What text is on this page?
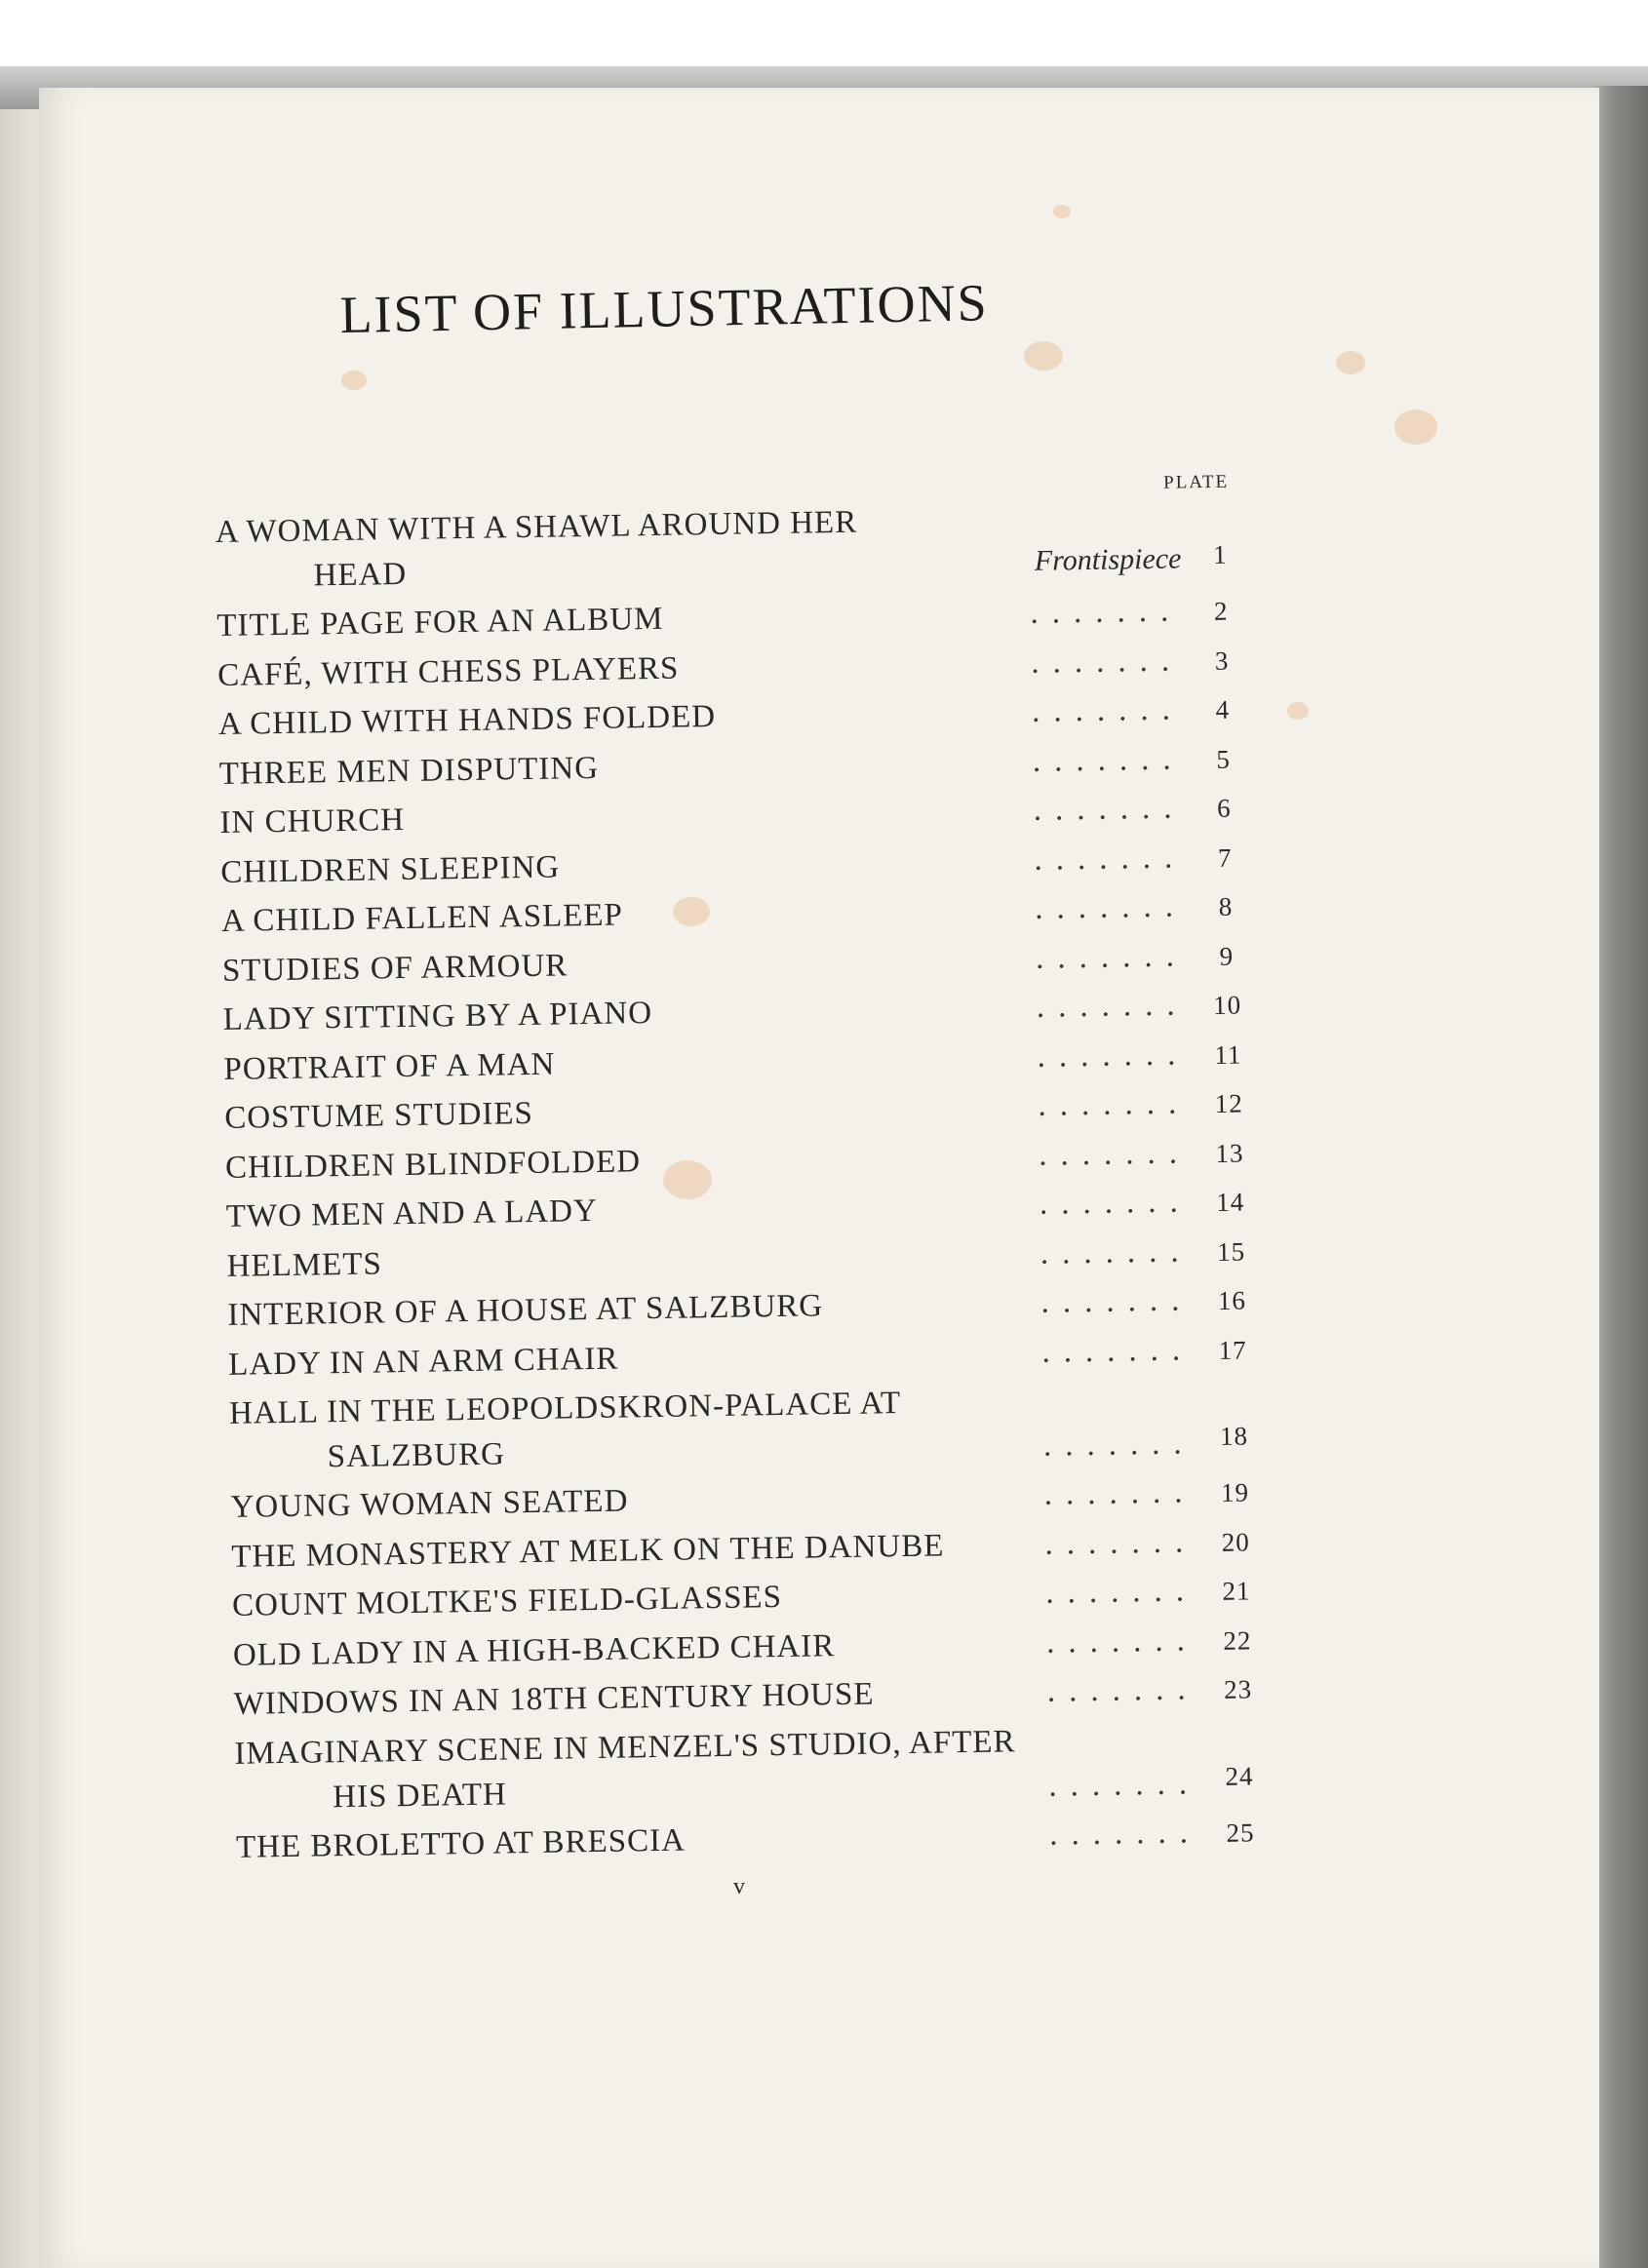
LIST OF ILLUSTRATIONS
PLATE
A WOMAN WITH A SHAWL AROUND HER
HEAD	Frontispiece	1
TITLE PAGE FOR AN ALBUM	.......	2
CAFÉ, WITH CHESS PLAYERS	.......	3
A CHILD WITH HANDS FOLDED	.......	4
THREE MEN DISPUTING	.......	5
IN CHURCH	.......	6
CHILDREN SLEEPING	.......	7
A CHILD FALLEN ASLEEP	.......	8
STUDIES OF ARMOUR	.......	9
LADY SITTING BY A PIANO	....... 10
PORTRAIT OF A MAN	....... 11
COSTUME STUDIES	....... 12
CHILDREN BLINDFOLDED	....... 13
TWO MEN AND A LADY	....... 14
HELMETS	....... 15
INTERIOR OF A HOUSE AT SALZBURG	....... 16
LADY IN AN ARM CHAIR	....... 17
HALL IN THE LEOPOLDSKRON-PALACE AT
SALZBURG	....... 18
YOUNG WOMAN SEATED	....... 19
THE MONASTERY AT MELK ON THE DANUBE	....... 20
COUNT MOLTKE'S FIELD-GLASSES	....... 21
OLD LADY IN A HIGH-BACKED CHAIR	....... 22
WINDOWS IN AN 18TH CENTURY HOUSE	....... 23
IMAGINARY SCENE IN MENZEL'S STUDIO, AFTER
HIS DEATH	....... 24
THE BROLETTO AT BRESCIA	....... 25
v
